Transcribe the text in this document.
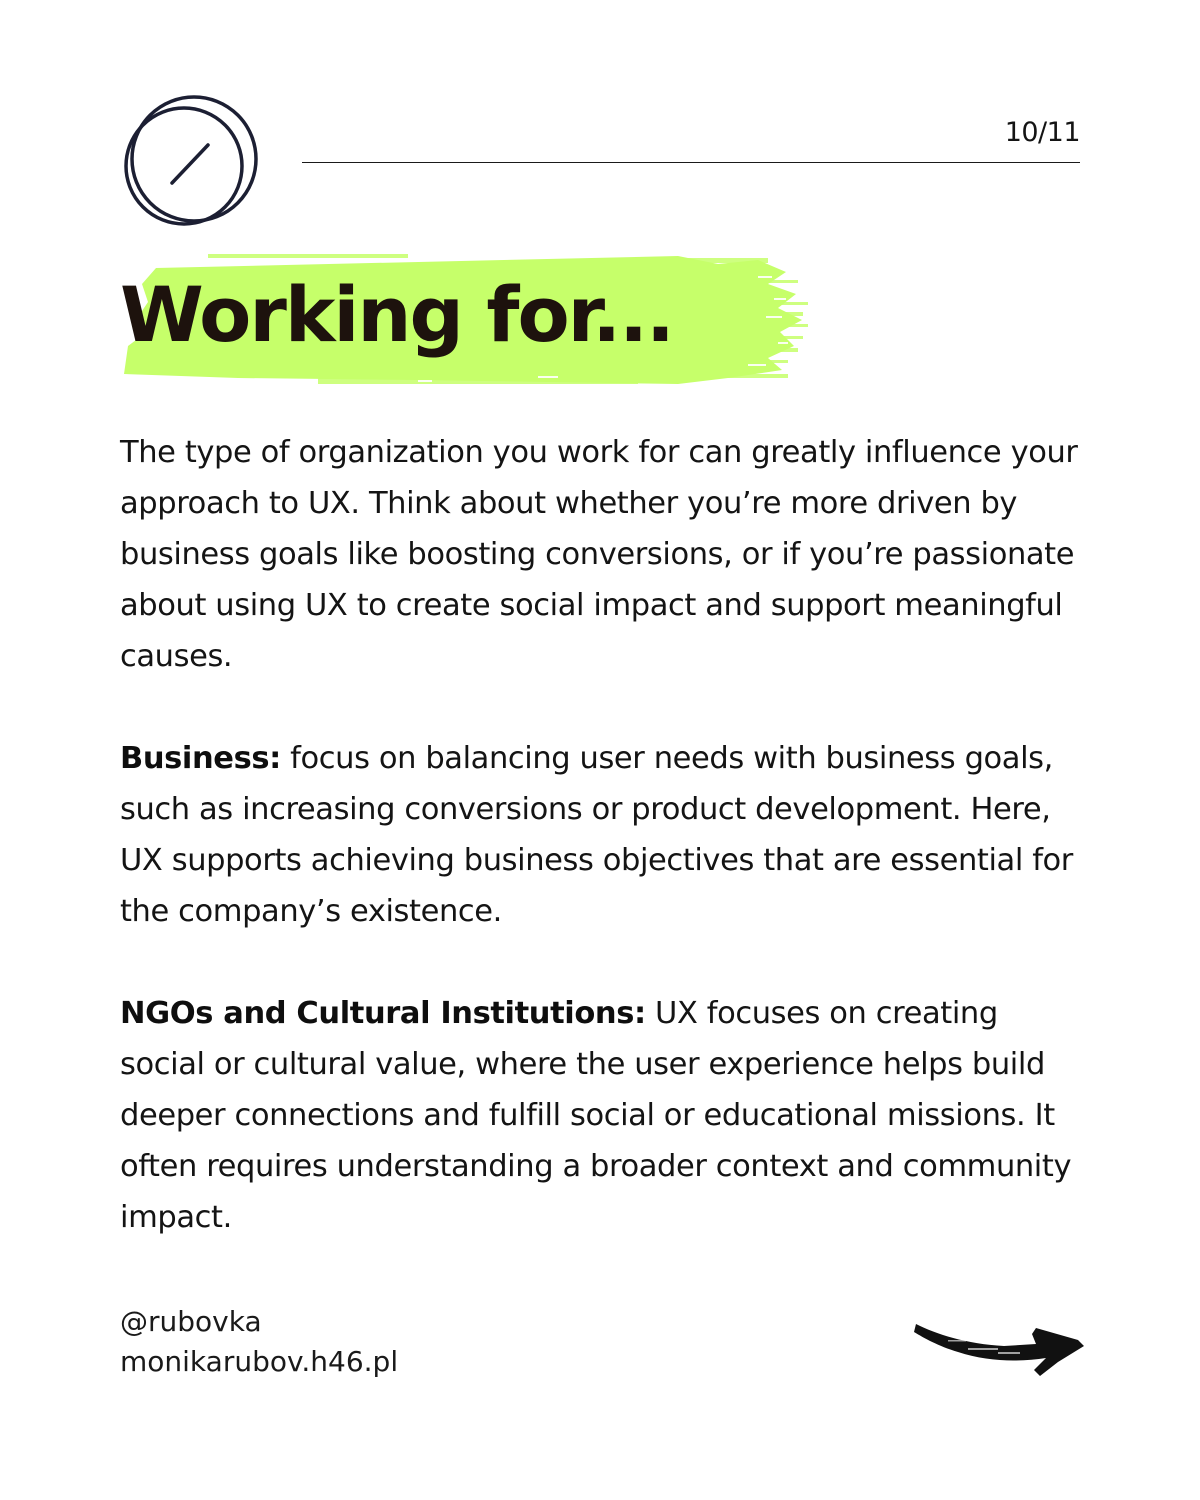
10/11
Working for...

The type of organization you work for can greatly influence your approach to UX. Think about whether you’re more driven by business goals like boosting conversions, or if you’re passionate about using UX to create social impact and support meaningful causes.

Business: focus on balancing user needs with business goals, such as increasing conversions or product development. Here, UX supports achieving business objectives that are essential for the company’s existence.

NGOs and Cultural Institutions: UX focuses on creating social or cultural value, where the user experience helps build deeper connections and fulfill social or educational missions. It often requires understanding a broader context and community impact.

@rubovka
monikarubov.h46.pl
